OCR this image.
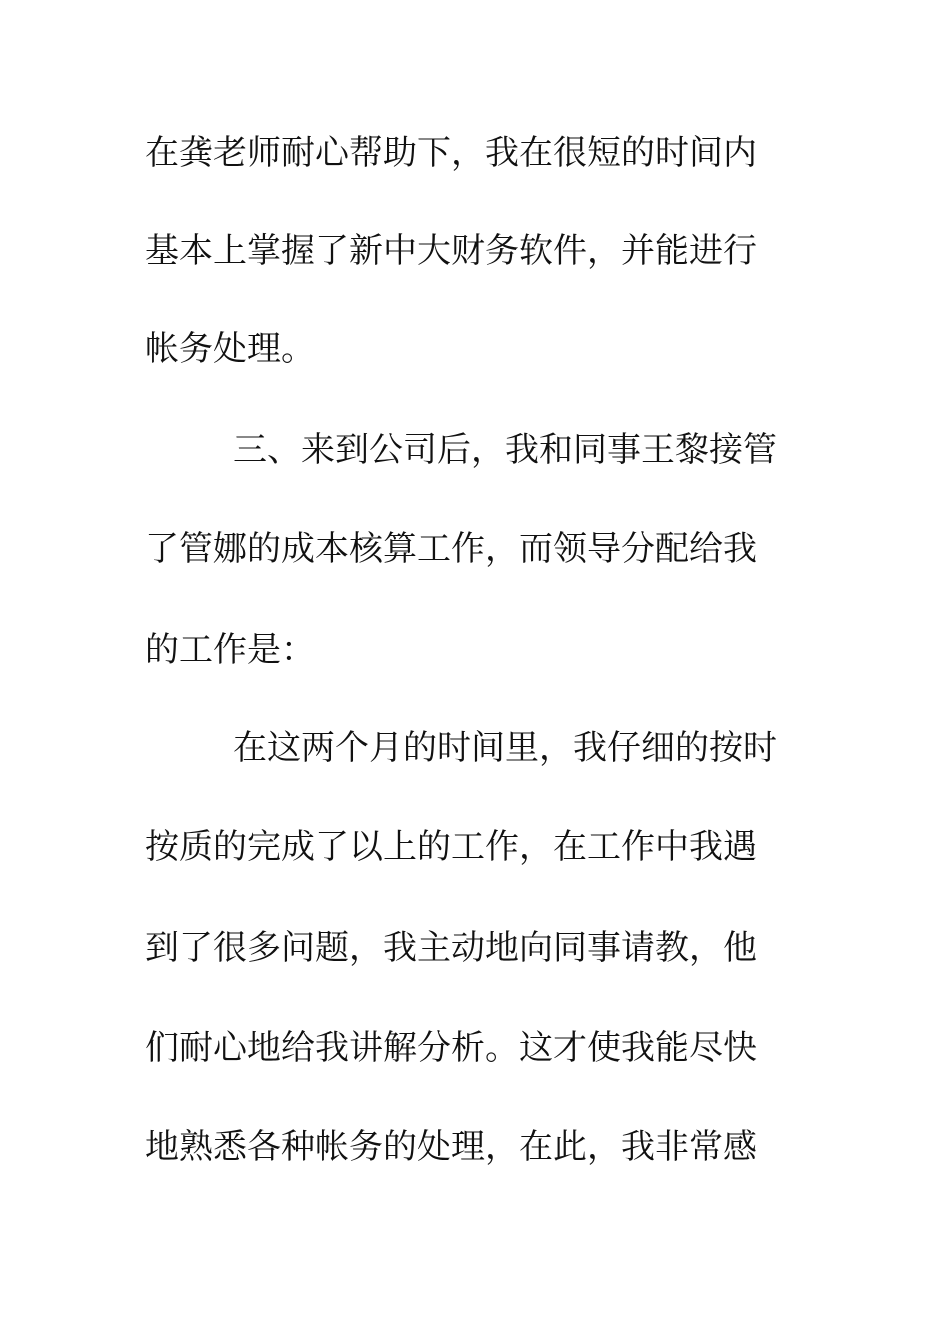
在龚老师耐心帮助下，我在很短的时间内
基本上掌握了新中大财务软件，并能进行
帐务处理。
三、来到公司后，我和同事王黎接管
了管娜的成本核算工作，而领导分配给我
的工作是：
在这两个月的时间里，我仔细的按时
按质的完成了以上的工作，在工作中我遇
到了很多问题，我主动地向同事请教，他
们耐心地给我讲解分析。这才使我能尽快
地熟悉各种帐务的处理，在此，我非常感
